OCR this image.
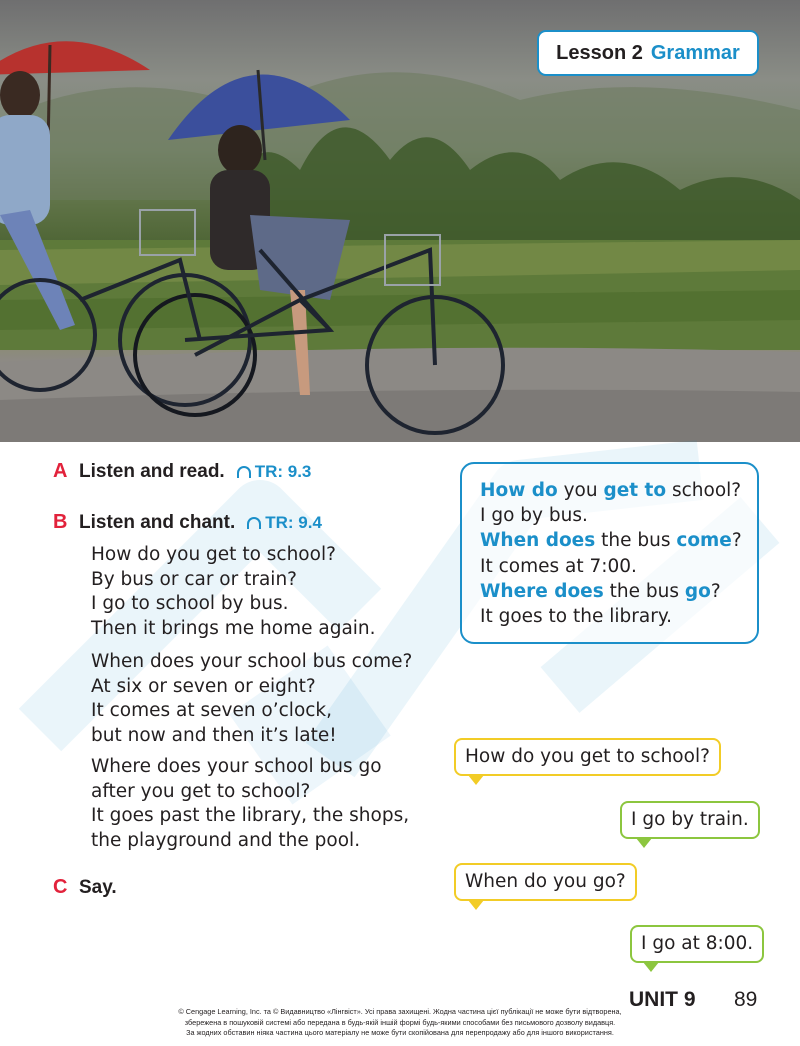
Lesson 2 Grammar
A Listen and read. TR: 9.3
B Listen and chant. TR: 9.4
How do you get to school?
By bus or car or train?
I go to school by bus.
Then it brings me home again.
When does your school bus come?
At six or seven or eight?
It comes at seven o’clock,
but now and then it’s late!
Where does your school bus go
after you get to school?
It goes past the library, the shops,
the playground and the pool.
C Say.
How do you get to school?
I go by bus.
When does the bus come?
It comes at 7:00.
Where does the bus go?
It goes to the library.
How do you get to school?
I go by train.
When do you go?
I go at 8:00.
UNIT 9 89
© Cengage Learning, Inc. та © Видавництво «Лінгвіст». Усі права захищені. Жодна частина цієї публікації не може бути відтворена,
збережена в пошуковій системі або передана в будь-якій іншій формі будь-якими способами без письмового дозволу видавця.
За жодних обставин ніяка частина цього матеріалу не може бути скопійована для перепродажу або для іншого використання.
